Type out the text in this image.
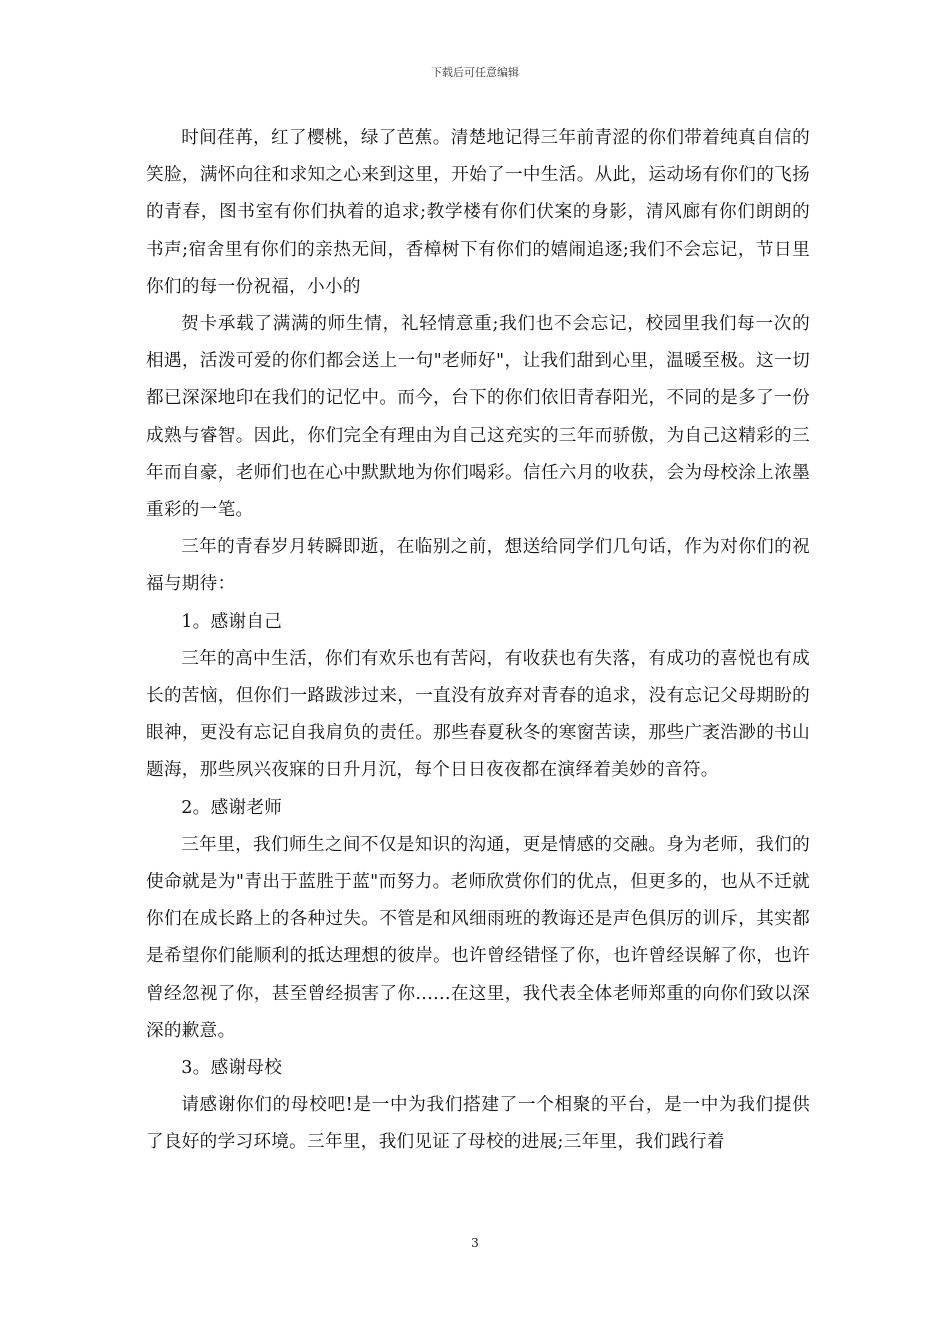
下载后可任意编辑

时间荏苒，红了樱桃，绿了芭蕉。清楚地记得三年前青涩的你们带着纯真自信的笑脸，满怀向往和求知之心来到这里，开始了一中生活。从此，运动场有你们的飞扬的青春，图书室有你们执着的追求;教学楼有你们伏案的身影，清风廊有你们朗朗的书声;宿舍里有你们的亲热无间，香樟树下有你们的嬉闹追逐;我们不会忘记，节日里你们的每一份祝福，小小的

贺卡承载了满满的师生情，礼轻情意重;我们也不会忘记，校园里我们每一次的相遇，活泼可爱的你们都会送上一句"老师好"，让我们甜到心里，温暖至极。这一切都已深深地印在我们的记忆中。而今，台下的你们依旧青春阳光，不同的是多了一份成熟与睿智。因此，你们完全有理由为自己这充实的三年而骄傲，为自己这精彩的三年而自豪，老师们也在心中默默地为你们喝彩。信任六月的收获，会为母校涂上浓墨重彩的一笔。

三年的青春岁月转瞬即逝，在临别之前，想送给同学们几句话，作为对你们的祝福与期待：

1。感谢自己

三年的高中生活，你们有欢乐也有苦闷，有收获也有失落，有成功的喜悦也有成长的苦恼，但你们一路跋涉过来，一直没有放弃对青春的追求，没有忘记父母期盼的眼神，更没有忘记自我肩负的责任。那些春夏秋冬的寒窗苦读，那些广袤浩渺的书山题海，那些夙兴夜寐的日升月沉，每个日日夜夜都在演绎着美妙的音符。

2。感谢老师

三年里，我们师生之间不仅是知识的沟通，更是情感的交融。身为老师，我们的使命就是为"青出于蓝胜于蓝"而努力。老师欣赏你们的优点，但更多的，也从不迁就你们在成长路上的各种过失。不管是和风细雨班的教诲还是声色俱厉的训斥，其实都是希望你们能顺利的抵达理想的彼岸。也许曾经错怪了你，也许曾经误解了你，也许曾经忽视了你，甚至曾经损害了你......在这里，我代表全体老师郑重的向你们致以深深的歉意。

3。感谢母校

请感谢你们的母校吧!是一中为我们搭建了一个相聚的平台，是一中为我们提供了良好的学习环境。三年里，我们见证了母校的进展;三年里，我们践行着

3
